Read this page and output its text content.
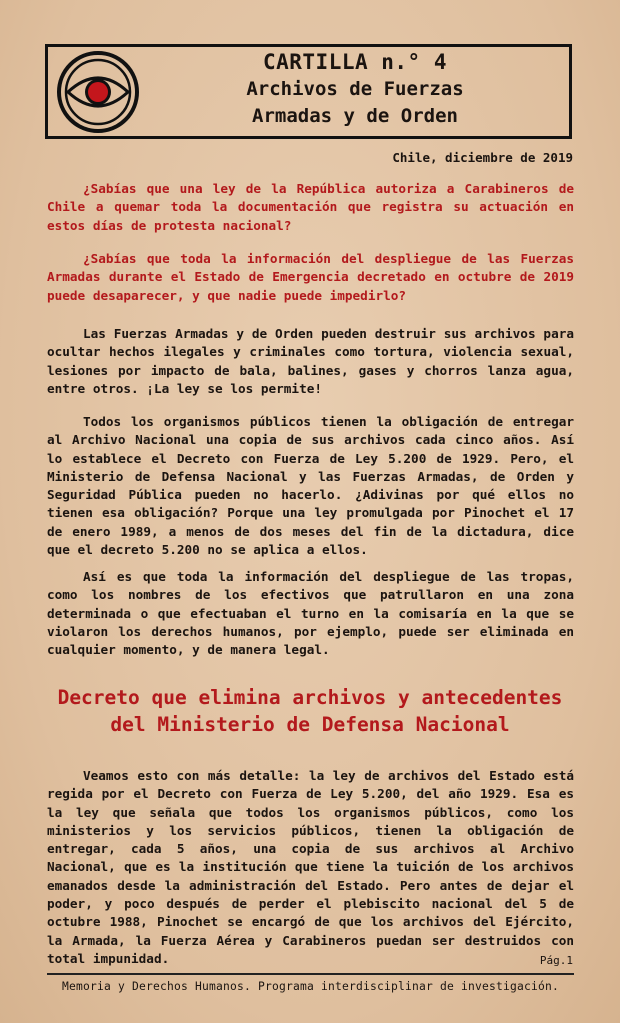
CARTILLA n.° 4
Archivos de Fuerzas
Armadas y de Orden
Chile, diciembre de 2019

¿Sabías que una ley de la República autoriza a Carabineros de Chile a quemar toda la documentación que registra su actuación en estos días de protesta nacional?

¿Sabías que toda la información del despliegue de las Fuerzas Armadas durante el Estado de Emergencia decretado en octubre de 2019 puede desaparecer, y que nadie puede impedirlo?

Las Fuerzas Armadas y de Orden pueden destruir sus archivos para ocultar hechos ilegales y criminales como tortura, violencia sexual, lesiones por impacto de bala, balines, gases y chorros lanza agua, entre otros. ¡La ley se los permite!

Todos los organismos públicos tienen la obligación de entregar al Archivo Nacional una copia de sus archivos cada cinco años. Así lo establece el Decreto con Fuerza de Ley 5.200 de 1929. Pero, el Ministerio de Defensa Nacional y las Fuerzas Armadas, de Orden y Seguridad Pública pueden no hacerlo. ¿Adivinas por qué ellos no tienen esa obligación? Porque una ley promulgada por Pinochet el 17 de enero 1989, a menos de dos meses del fin de la dictadura, dice que el decreto 5.200 no se aplica a ellos.

Así es que toda la información del despliegue de las tropas, como los nombres de los efectivos que patrullaron en una zona determinada o que efectuaban el turno en la comisaría en la que se violaron los derechos humanos, por ejemplo, puede ser eliminada en cualquier momento, y de manera legal.

Decreto que elimina archivos y antecedentes
del Ministerio de Defensa Nacional

Veamos esto con más detalle: la ley de archivos del Estado está regida por el Decreto con Fuerza de Ley 5.200, del año 1929. Esa es la ley que señala que todos los organismos públicos, como los ministerios y los servicios públicos, tienen la obligación de entregar, cada 5 años, una copia de sus archivos al Archivo Nacional, que es la institución que tiene la tuición de los archivos emanados desde la administración del Estado. Pero antes de dejar el poder, y poco después de perder el plebiscito nacional del 5 de octubre 1988, Pinochet se encargó de que los archivos del Ejército, la Armada, la Fuerza Aérea y Carabineros puedan ser destruidos con total impunidad.	Pág.1
Memoria y Derechos Humanos. Programa interdisciplinar de investigación.
